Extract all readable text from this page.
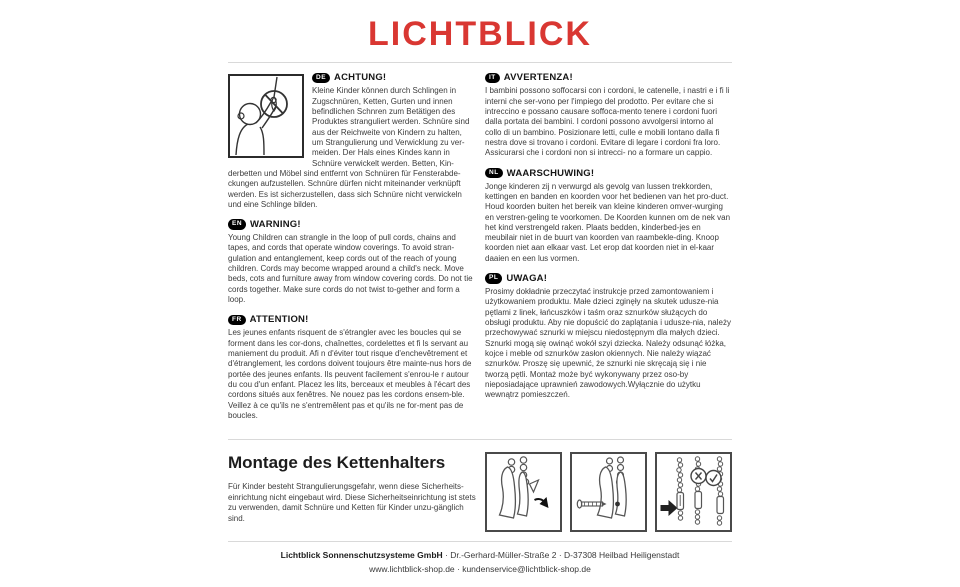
LICHTBLICK
DE ACHTUNG!

Kleine Kinder können durch Schlingen in Zugschnüren, Ketten, Gurten und innen befindlichen Schnren zum Betätigen des Produktes stranguliert werden. Schnüre sind aus der Reichweite von Kindern zu halten, um Strangulierung und Verwicklung zu ver-meiden. Der Hals eines Kindes kann in Schnüre verwickelt werden. Betten, Kin-derbetten und Möbel sind entfernt von Schnüren für Fensterabde-ckungen aufzustellen. Schnüre dürfen nicht miteinander verknüpft werden. Es ist sicherzustellen, dass sich Schnüre nicht verwickeln und eine Schlinge bilden.

EN WARNING!

Young Children can strangle in the loop of pull cords, chains and tapes, and cords that operate window coverings. To avoid stran-gulation and entanglement, keep cords out of the reach of young children. Cords may become wrapped around a child's neck. Move beds, cots and furniture away from window covering cords. Do not tie cords together. Make sure cords do not twist to-gether and form a loop.

FR ATTENTION!

Les jeunes enfants risquent de s'étrangler avec les boucles qui se forment dans les cor-dons, chaînettes, cordelettes et fi ls servant au maniement du produit. Afi n d'éviter tout risque d'enchevêtrement et d'étranglement, les cordons doivent toujours être mainte-nus hors de portée des jeunes enfants. Ils peuvent facilement s'enrou-le r autour du cou d'un enfant. Placez les lits, berceaux et meubles à l'écart des cordons situés aux fenêtres. Ne nouez pas les cordons ensem-ble. Veillez à ce qu'ils ne s'entremêlent pas et qu'ils ne for-ment pas de boucles.

IT AVVERTENZA!

I bambini possono soffocarsi con i cordoni, le catenelle, i nastri e i fi li interni che ser-vono per l'impiego del prodotto. Per evitare che si intreccino e possano causare soffoca-mento tenere i cordoni fuori dalla portata dei bambini. I cordoni possono avvolgersi intorno al collo di un bambino. Posizionare letti, culle e mobili lontano dalla fi nestra dove si trovano i cordoni. Evitare di legare i cordoni fra loro. Assicurarsi che i cordoni non si intrecci- no a formare un cappio.

NL WAARSCHUWING!

Jonge kinderen zij n verwurgd als gevolg van lussen trekkorden, kettingen en banden en koorden voor het bedienen van het pro-duct. Houd koorden buiten het bereik van kleine kinderen omver-wurging en verstren-geling te voorkomen. De Koorden kunnen om de nek van het kind verstrengeld raken. Plaats bedden, kinderbed-jes en meubilair niet in de buurt van koorden van raambekle-ding. Knoop koorden niet aan elkaar vast. Let erop dat koorden niet in el-kaar daaien en een lus vormen.

PL UWAGA!

Prosimy dokładnie przeczytać instrukcje przed zamontowaniem i użytkowaniem produktu. Małe dzieci zginęły na skutek udusze-nia pętlami z linek, łańcuszków i taśm oraz sznurków służących do obsługi produktu. Aby nie dopuścić do zaplątania i udusze-nia, należy przechowywać sznurki w miejscu niedostępnym dla małych dzieci. Sznurki mogą się owinąć wokół szyi dziecka. Należy odsunąć łóżka, kojce i meble od sznurków zasłon okiennych. Nie należy wiązać sznurków. Proszę się upewnić, że sznurki nie skręcają się i nie tworzą pętli. Montaż może być wykonywany przez oso-by nieposiadające uprawnień zawodowych.Wyłącznie do użytku wewnątrz pomieszczeń.

Montage des Kettenhalters

Für Kinder besteht Strangulierungsgefahr, wenn diese Sicherheits-einrichtung nicht eingebaut wird. Diese Sicherheitseinrichtung ist stets zu verwenden, damit Schnüre und Ketten für Kinder unzu-gänglich sind.

Lichtblick Sonnenschutzsysteme GmbH · Dr.-Gerhard-Müller-Straße 2 · D-37308 Heilbad Heiligenstadt
www.lichtblick-shop.de · kundenservice@lichtblick-shop.de
